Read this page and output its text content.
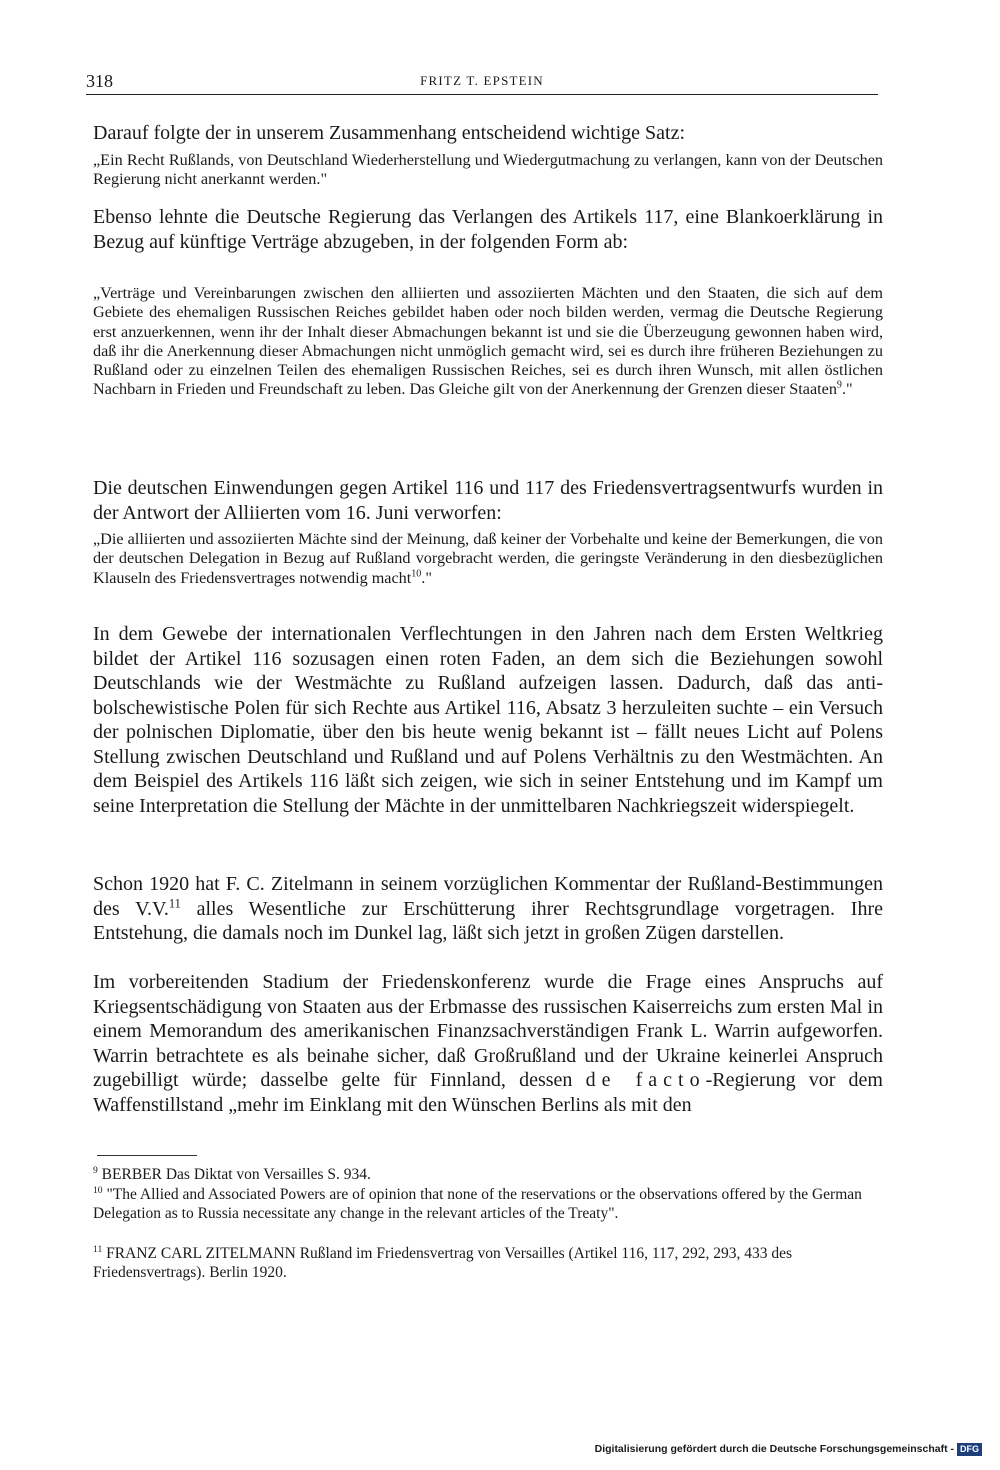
318	FRITZ T. EPSTEIN

Darauf folgte der in unserem Zusammenhang entscheidend wichtige Satz:

„Ein Recht Rußlands, von Deutschland Wiederherstellung und Wiedergutmachung zu verlangen, kann von der Deutschen Regierung nicht anerkannt werden."

Ebenso lehnte die Deutsche Regierung das Verlangen des Artikels 117, eine Blankoerklärung in Bezug auf künftige Verträge abzugeben, in der folgenden Form ab:

„Verträge und Vereinbarungen zwischen den alliierten und assoziierten Mächten und den Staaten, die sich auf dem Gebiete des ehemaligen Russischen Reiches gebildet haben oder noch bilden werden, vermag die Deutsche Regierung erst anzuerkennen, wenn ihr der Inhalt dieser Abmachungen bekannt ist und sie die Überzeugung gewonnen haben wird, daß ihr die Anerkennung dieser Abmachungen nicht unmöglich gemacht wird, sei es durch ihre früheren Beziehungen zu Rußland oder zu einzelnen Teilen des ehemaligen Russischen Reiches, sei es durch ihren Wunsch, mit allen östlichen Nachbarn in Frieden und Freundschaft zu leben. Das Gleiche gilt von der Anerkennung der Grenzen dieser Staaten$^9$."

Die deutschen Einwendungen gegen Artikel 116 und 117 des Friedensvertragsentwurfs wurden in der Antwort der Alliierten vom 16. Juni verworfen:

„Die alliierten und assoziierten Mächte sind der Meinung, daß keiner der Vorbehalte und keine der Bemerkungen, die von der deutschen Delegation in Bezug auf Rußland vorgebracht werden, die geringste Veränderung in den diesbezüglichen Klauseln des Friedensvertrages notwendig macht$^{10}$."

In dem Gewebe der internationalen Verflechtungen in den Jahren nach dem Ersten Weltkrieg bildet der Artikel 116 sozusagen einen roten Faden, an dem sich die Beziehungen sowohl Deutschlands wie der Westmächte zu Rußland aufzeigen lassen. Dadurch, daß das anti-bolschewistische Polen für sich Rechte aus Artikel 116, Absatz 3 herzuleiten suchte – ein Versuch der polnischen Diplomatie, über den bis heute wenig bekannt ist – fällt neues Licht auf Polens Stellung zwischen Deutschland und Rußland und auf Polens Verhältnis zu den Westmächten. An dem Beispiel des Artikels 116 läßt sich zeigen, wie sich in seiner Entstehung und im Kampf um seine Interpretation die Stellung der Mächte in der unmittelbaren Nachkriegszeit widerspiegelt.

Schon 1920 hat F. C. Zitelmann in seinem vorzüglichen Kommentar der Rußland-Bestimmungen des V.V.$^{11}$ alles Wesentliche zur Erschütterung ihrer Rechtsgrundlage vorgetragen. Ihre Entstehung, die damals noch im Dunkel lag, läßt sich jetzt in großen Zügen darstellen.

Im vorbereitenden Stadium der Friedenskonferenz wurde die Frage eines Anspruchs auf Kriegsentschädigung von Staaten aus der Erbmasse des russischen Kaiserreichs zum ersten Mal in einem Memorandum des amerikanischen Finanzsachverständigen Frank L. Warrin aufgeworfen. Warrin betrachtete es als beinahe sicher, daß Großrußland und der Ukraine keinerlei Anspruch zugebilligt würde; dasselbe gelte für Finnland, dessen de facto-Regierung vor dem Waffenstillstand „mehr im Einklang mit den Wünschen Berlins als mit den

$^9$ BERBER Das Diktat von Versailles S. 934.

$^{10}$ "The Allied and Associated Powers are of opinion that none of the reservations or the observations offered by the German Delegation as to Russia necessitate any change in the relevant articles of the Treaty".

$^{11}$ FRANZ CARL ZITELMANN Rußland im Friedensvertrag von Versailles (Artikel 116, 117, 292, 293, 433 des Friedensvertrags). Berlin 1920.

Digitalisierung gefördert durch die Deutsche Forschungsgemeinschaft - DFG
